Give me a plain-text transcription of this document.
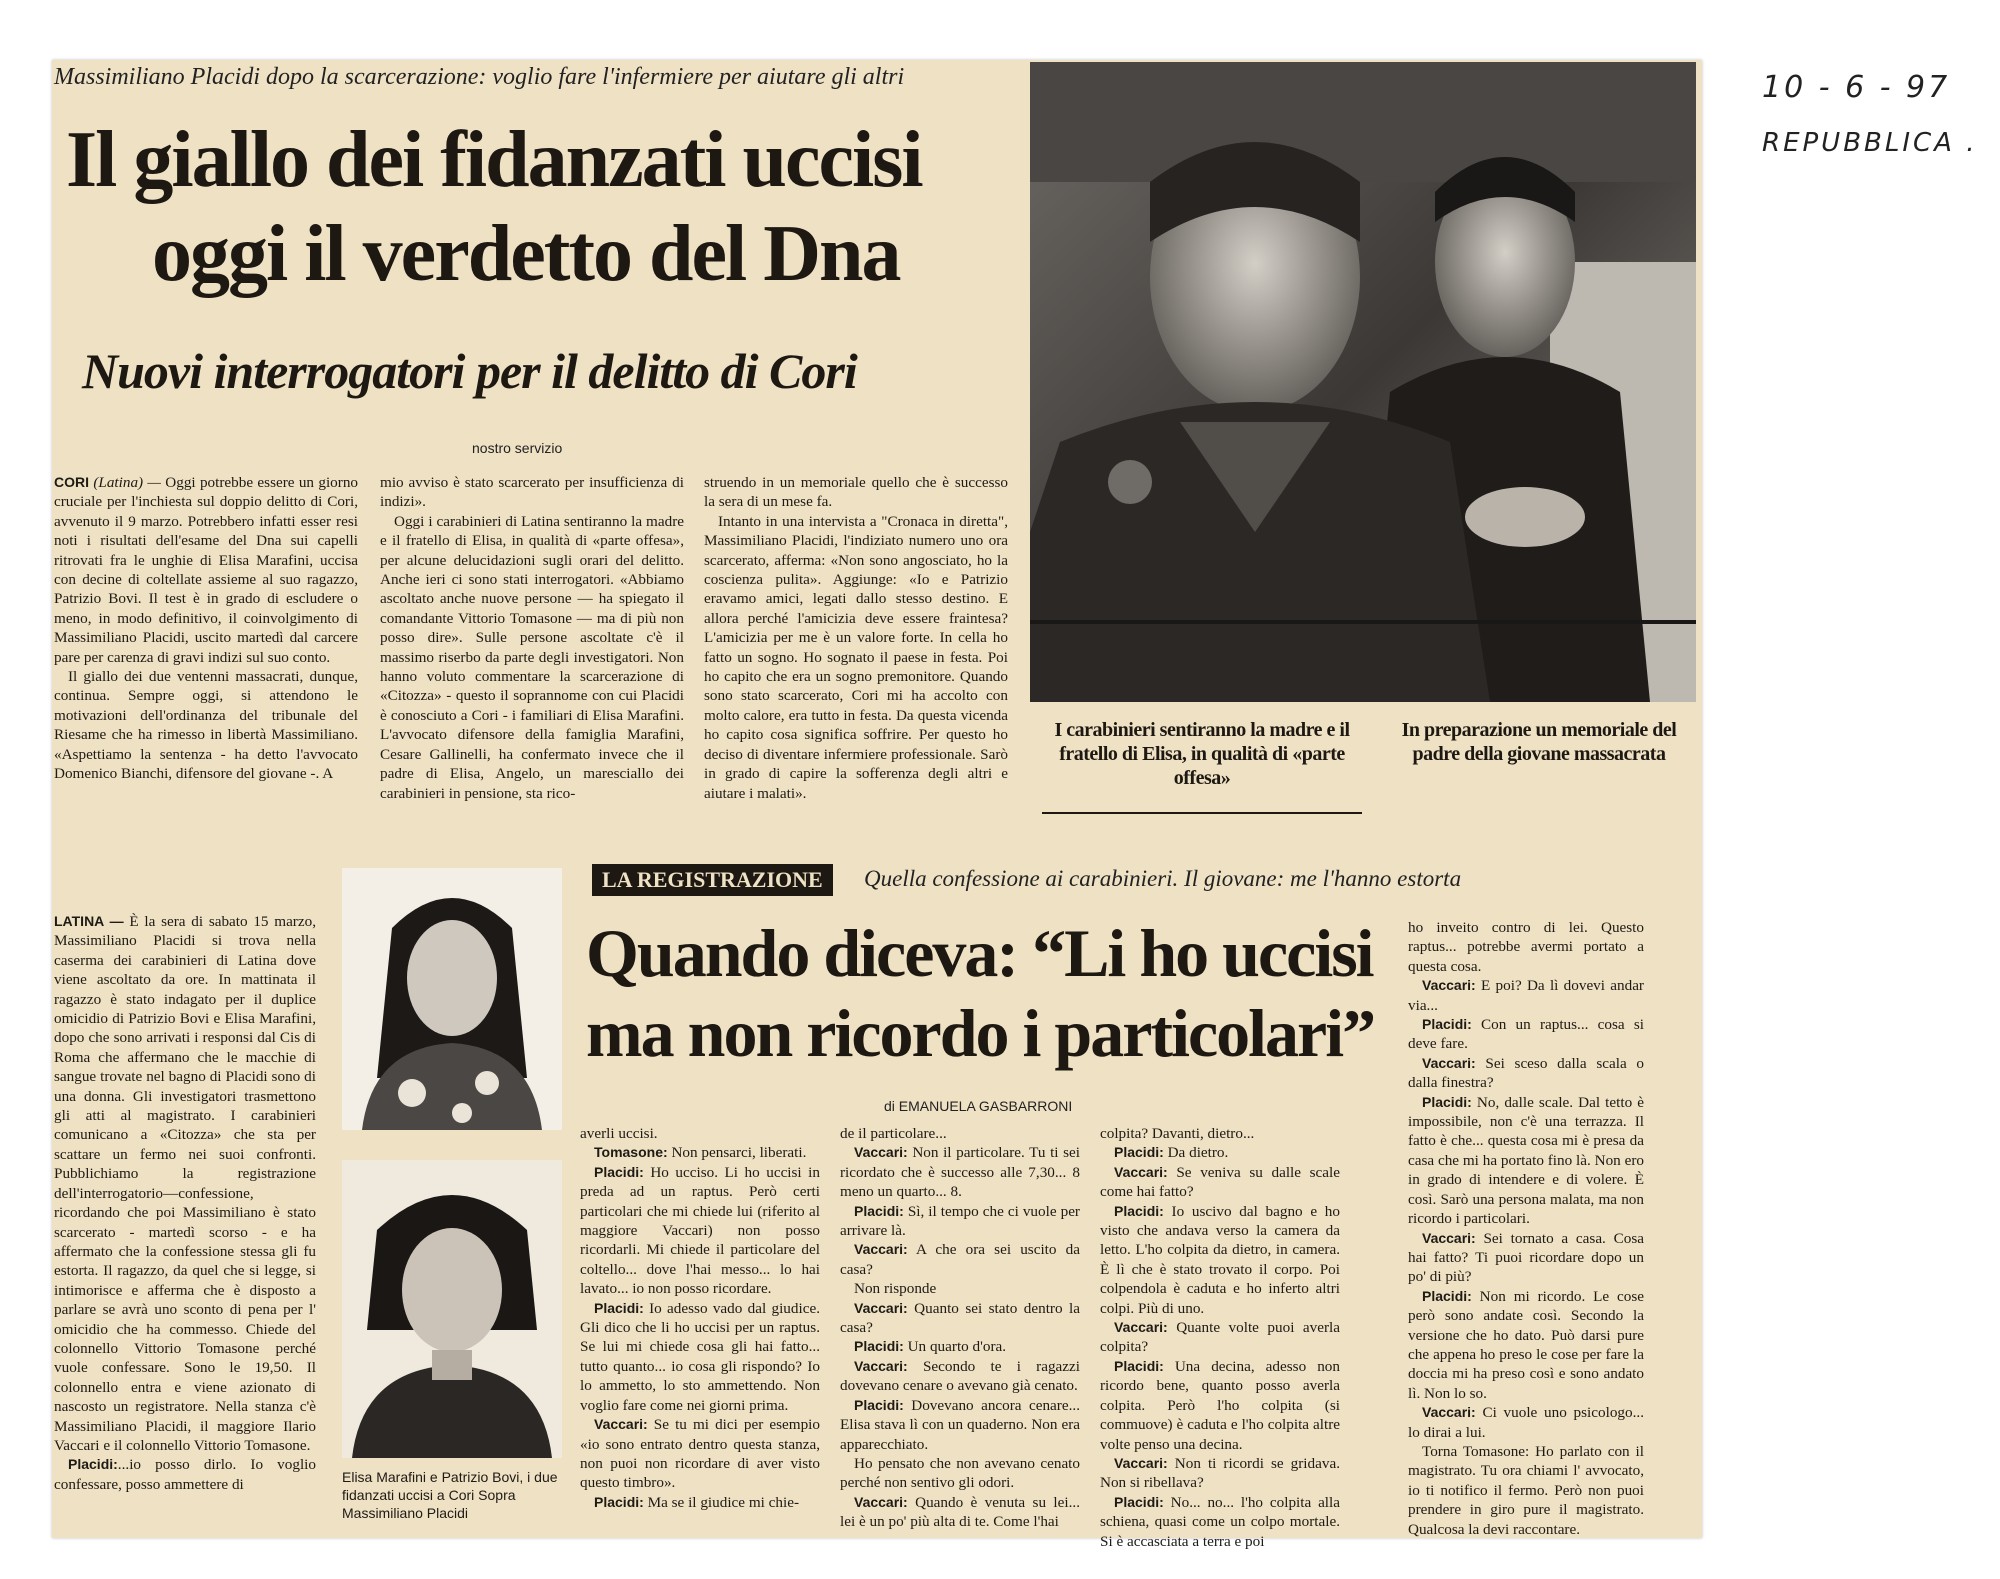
10 - 6 - 97
REPUBBLICA .
Massimiliano Placidi dopo la scarcerazione: voglio fare l'infermiere per aiutare gli altri
Il giallo dei fidanzati uccisi
oggi il verdetto del Dna
Nuovi interrogatori per il delitto di Cori
nostro servizio

CORI (Latina) — Oggi potrebbe essere un giorno cruciale per l'inchiesta sul doppio delitto di Cori, avvenuto il 9 marzo. Potrebbero infatti esser resi noti i risultati dell'esame del Dna sui capelli ritrovati fra le unghie di Elisa Marafini, uccisa con decine di coltellate assieme al suo ragazzo, Patrizio Bovi. Il test è in grado di escludere o meno, in modo definitivo, il coinvolgimento di Massimiliano Placidi, uscito martedì dal carcere pare per carenza di gravi indizi sul suo conto.

Il giallo dei due ventenni massacrati, dunque, continua. Sempre oggi, si attendono le motivazioni dell'ordinanza del tribunale del Riesame che ha rimesso in libertà Massimiliano. «Aspettiamo la sentenza - ha detto l'avvocato Domenico Bianchi, difensore del giovane -. A

mio avviso è stato scarcerato per insufficienza di indizi».

Oggi i carabinieri di Latina sentiranno la madre e il fratello di Elisa, in qualità di «parte offesa», per alcune delucidazioni sugli orari del delitto. Anche ieri ci sono stati interrogatori. «Abbiamo ascoltato anche nuove persone — ha spiegato il comandante Vittorio Tomasone — ma di più non posso dire». Sulle persone ascoltate c'è il massimo riserbo da parte degli investigatori. Non hanno voluto commentare la scarcerazione di «Citozza» - questo il soprannome con cui Placidi è conosciuto a Cori - i familiari di Elisa Marafini. L'avvocato difensore della famiglia Marafini, Cesare Gallinelli, ha confermato invece che il padre di Elisa, Angelo, un maresciallo dei carabinieri in pensione, sta rico-

struendo in un memoriale quello che è successo la sera di un mese fa.

Intanto in una intervista a "Cronaca in diretta", Massimiliano Placidi, l'indiziato numero uno ora scarcerato, afferma: «Non sono angosciato, ho la coscienza pulita». Aggiunge: «Io e Patrizio eravamo amici, legati dallo stesso destino. E allora perché l'amicizia deve essere fraintesa? L'amicizia per me è un valore forte. In cella ho fatto un sogno. Ho sognato il paese in festa. Poi ho capito che era un sogno premonitore. Quando sono stato scarcerato, Cori mi ha accolto con molto calore, era tutto in festa. Da questa vicenda ho capito cosa significa soffrire. Per questo ho deciso di diventare infermiere professionale. Sarò in grado di capire la sofferenza degli altri e aiutare i malati».

I carabinieri sentiranno la madre e il fratello di Elisa, in qualità di «parte offesa»
In preparazione un memoriale del padre della giovane massacrata
Elisa Marafini e Patrizio Bovi, i due fidanzati uccisi a Cori Sopra Massimiliano Placidi
LA REGISTRAZIONE	Quella confessione ai carabinieri. Il giovane: me l'hanno estorta
Quando diceva: “Li ho uccisi
ma non ricordo i particolari”
di EMANUELA GASBARRONI

LATINA — È la sera di sabato 15 marzo, Massimiliano Placidi si trova nella caserma dei carabinieri di Latina dove viene ascoltato da ore. In mattinata il ragazzo è stato indagato per il duplice omicidio di Patrizio Bovi e Elisa Marafini, dopo che sono arrivati i responsi dal Cis di Roma che affermano che le macchie di sangue trovate nel bagno di Placidi sono di una donna. Gli investigatori trasmettono gli atti al magistrato. I carabinieri comunicano a «Citozza» che sta per scattare un fermo nei suoi confronti. Pubblichiamo la registrazione dell'interrogatorio—confessione, ricordando che poi Massimiliano è stato scarcerato - martedì scorso - e ha affermato che la confessione stessa gli fu estorta. Il ragazzo, da quel che si legge, si intimorisce e afferma che è disposto a parlare se avrà uno sconto di pena per l' omicidio che ha commesso. Chiede del colonnello Vittorio Tomasone perché vuole confessare. Sono le 19,50. Il colonnello entra e viene azionato di nascosto un registratore. Nella stanza c'è Massimiliano Placidi, il maggiore Ilario Vaccari e il colonnello Vittorio Tomasone.

Placidi:...io posso dirlo. Io voglio confessare, posso ammettere di

averli uccisi.

Tomasone: Non pensarci, liberati.

Placidi: Ho ucciso. Li ho uccisi in preda ad un raptus. Però certi particolari che mi chiede lui (riferito al maggiore Vaccari) non posso ricordarli. Mi chiede il particolare del coltello... dove l'hai messo... lo hai lavato... io non posso ricordare.

Placidi: Io adesso vado dal giudice. Gli dico che li ho uccisi per un raptus. Se lui mi chiede cosa gli hai fatto... tutto quanto... io cosa gli rispondo? Io lo ammetto, lo sto ammettendo. Non voglio fare come nei giorni prima.

Vaccari: Se tu mi dici per esempio «io sono entrato dentro questa stanza, non puoi non ricordare di aver visto questo timbro».

Placidi: Ma se il giudice mi chie-

de il particolare...

Vaccari: Non il particolare. Tu ti sei ricordato che è successo alle 7,30... 8 meno un quarto... 8.

Placidi: Sì, il tempo che ci vuole per arrivare là.

Vaccari: A che ora sei uscito da casa?

Non risponde

Vaccari: Quanto sei stato dentro la casa?

Placidi: Un quarto d'ora.

Vaccari: Secondo te i ragazzi dovevano cenare o avevano già cenato.

Placidi: Dovevano ancora cenare... Elisa stava lì con un quaderno. Non era apparecchiato.

Ho pensato che non avevano cenato perché non sentivo gli odori.

Vaccari: Quando è venuta su lei... lei è un po' più alta di te. Come l'hai

colpita? Davanti, dietro...

Placidi: Da dietro.

Vaccari: Se veniva su dalle scale come hai fatto?

Placidi: Io uscivo dal bagno e ho visto che andava verso la camera da letto. L'ho colpita da dietro, in camera. È lì che è stato trovato il corpo. Poi colpendola è caduta e ho inferto altri colpi. Più di uno.

Vaccari: Quante volte puoi averla colpita?

Placidi: Una decina, adesso non ricordo bene, quanto posso averla colpita. Però l'ho colpita (si commuove) è caduta e l'ho colpita altre volte penso una decina.

Vaccari: Non ti ricordi se gridava. Non si ribellava?

Placidi: No... no... l'ho colpita alla schiena, quasi come un colpo mortale. Si è accasciata a terra e poi

ho inveito contro di lei. Questo raptus... potrebbe avermi portato a questa cosa.

Vaccari: E poi? Da lì dovevi andar via...

Placidi: Con un raptus... cosa si deve fare.

Vaccari: Sei sceso dalla scala o dalla finestra?

Placidi: No, dalle scale. Dal tetto è impossibile, non c'è una terrazza. Il fatto è che... questa cosa mi è presa da casa che mi ha portato fino là. Non ero in grado di intendere e di volere. È così. Sarò una persona malata, ma non ricordo i particolari.

Vaccari: Sei tornato a casa. Cosa hai fatto? Ti puoi ricordare dopo un po' di più?

Placidi: Non mi ricordo. Le cose però sono andate così. Secondo la versione che ho dato. Può darsi pure che appena ho preso le cose per fare la doccia mi ha preso così e sono andato lì. Non lo so.

Vaccari: Ci vuole uno psicologo... lo dirai a lui.

Torna Tomasone: Ho parlato con il magistrato. Tu ora chiami l' avvocato, io ti notifico il fermo. Però non puoi prendere in giro pure il magistrato. Qualcosa la devi raccontare.
